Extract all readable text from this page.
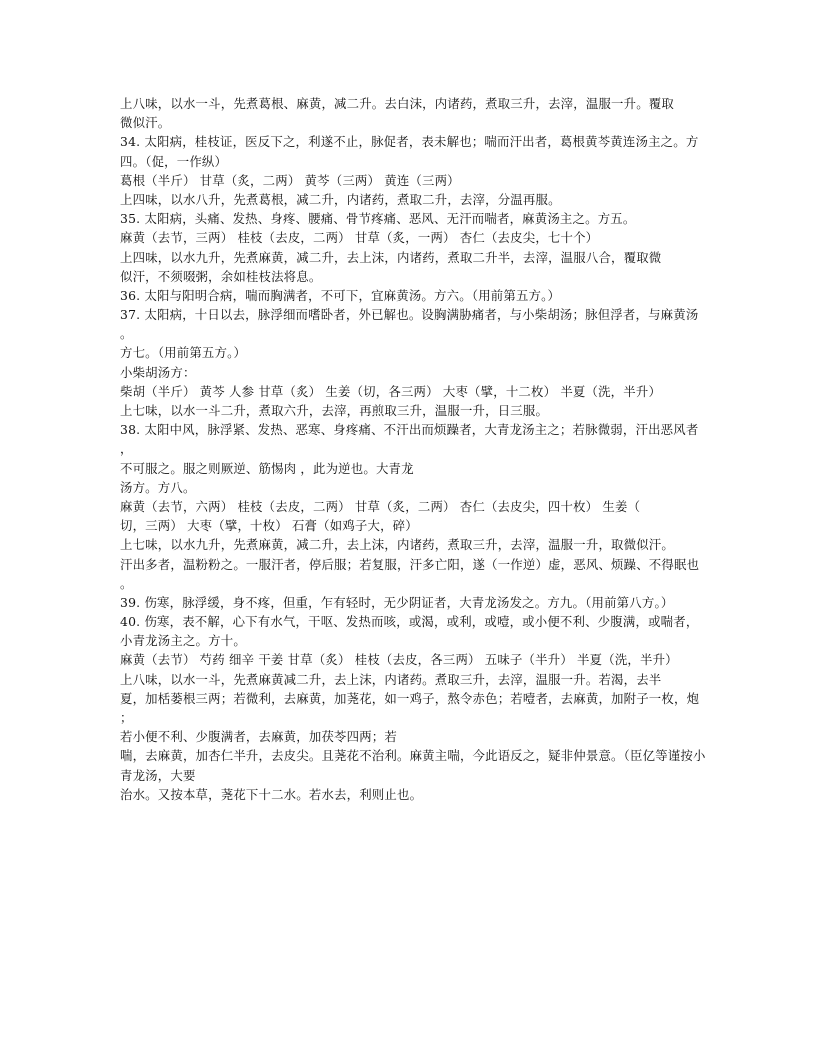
上八味，以水一斗，先煮葛根、麻黄，减二升。去白沫，内诸药，煮取三升，去滓，温服一升。覆取
微似汗。
34. 太阳病，桂枝证，医反下之，利遂不止，脉促者，表未解也；喘而汗出者，葛根黄芩黄连汤主之。方
四。（促，一作纵）
葛根（半斤） 甘草（炙，二两） 黄芩（三两） 黄连（三两）
上四味，以水八升，先煮葛根，减二升，内诸药，煮取二升，去滓，分温再服。
35. 太阳病，头痛、发热、身疼、腰痛、骨节疼痛、恶风、无汗而喘者，麻黄汤主之。方五。
麻黄（去节，三两） 桂枝（去皮，二两） 甘草（炙，一两） 杏仁（去皮尖，七十个）
上四味，以水九升，先煮麻黄，减二升，去上沫，内诸药，煮取二升半，去滓，温服八合，覆取微
似汗，不须啜粥，余如桂枝法将息。
36. 太阳与阳明合病，喘而胸满者，不可下，宜麻黄汤。方六。（用前第五方。）
37. 太阳病，十日以去，脉浮细而嗜卧者，外已解也。设胸满胁痛者，与小柴胡汤；脉但浮者，与麻黄汤
。
方七。（用前第五方。）
小柴胡汤方：
柴胡（半斤） 黄芩 人参 甘草（炙） 生姜（切，各三两） 大枣（擘，十二枚） 半夏（洗，半升）
上七味，以水一斗二升，煮取六升，去滓，再煎取三升，温服一升，日三服。
38. 太阳中风，脉浮紧、发热、恶寒、身疼痛、不汗出而烦躁者，大青龙汤主之；若脉微弱，汗出恶风者
，
不可服之。服之则厥逆、筋惕肉 ，此为逆也。大青龙
汤方。方八。
麻黄（去节，六两） 桂枝（去皮，二两） 甘草（炙，二两） 杏仁（去皮尖，四十枚） 生姜（
切，三两） 大枣（擘，十枚） 石膏（如鸡子大，碎）
上七味，以水九升，先煮麻黄，减二升，去上沫，内诸药，煮取三升，去滓，温服一升，取微似汗。
汗出多者，温粉粉之。一服汗者，停后服；若复服，汗多亡阳，遂（一作逆）虚，恶风、烦躁、不得眠也
。
39. 伤寒，脉浮缓，身不疼，但重，乍有轻时，无少阴证者，大青龙汤发之。方九。（用前第八方。）
40. 伤寒，表不解，心下有水气，干呕、发热而咳，或渴，或利，或噎，或小便不利、少腹满，或喘者，
小青龙汤主之。方十。
麻黄（去节） 芍药 细辛 干姜 甘草（炙） 桂枝（去皮，各三两） 五味子（半升） 半夏（洗，半升）
上八味，以水一斗，先煮麻黄减二升，去上沫，内诸药。煮取三升，去滓，温服一升。若渴，去半
夏，加栝蒌根三两；若微利，去麻黄，加荛花，如一鸡子，熬令赤色；若噎者，去麻黄，加附子一枚，炮
；
若小便不利、少腹满者，去麻黄，加茯苓四两；若
喘，去麻黄，加杏仁半升，去皮尖。且荛花不治利。麻黄主喘，今此语反之，疑非仲景意。（臣亿等谨按小
青龙汤，大要
治水。又按本草，荛花下十二水。若水去，利则止也。
